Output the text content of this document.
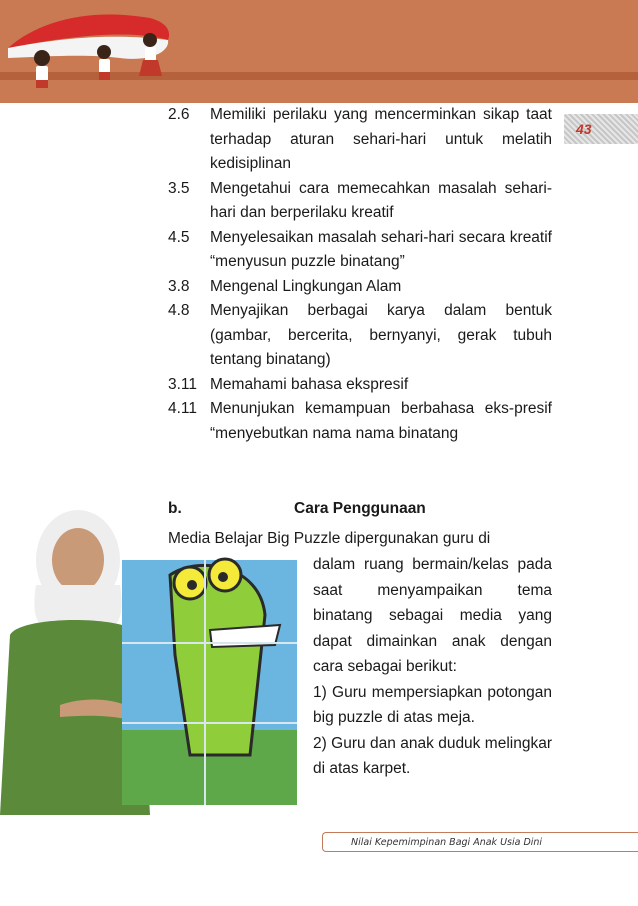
43
2.6	Memiliki perilaku yang mencerminkan sikap taat terhadap aturan sehari-hari untuk melatih kedisiplinan
3.5	Mengetahui cara memecahkan masalah sehari-hari dan berperilaku kreatif
4.5	Menyelesaikan masalah sehari-hari secara kreatif “menyusun puzzle binatang”
3.8	Mengenal Lingkungan Alam
4.8	Menyajikan berbagai karya dalam bentuk (gambar, bercerita, bernyanyi, gerak tubuh tentang binatang)
3.11 Memahami bahasa ekspresif
4.11 Menunjukan kemampuan berbahasa eks-presif “menyebutkan nama nama binatang
b.	Cara Penggunaan
Media Belajar Big Puzzle dipergunakan guru di
dalam ruang bermain/kelas pada saat menyampaikan tema binatang sebagai media yang dapat dimainkan anak dengan cara sebagai berikut:
1) Guru mempersiapkan potongan big puzzle di atas meja.
2) Guru dan anak duduk melingkar di atas karpet.
Nilai Kepemimpinan Bagi Anak Usia Dini
